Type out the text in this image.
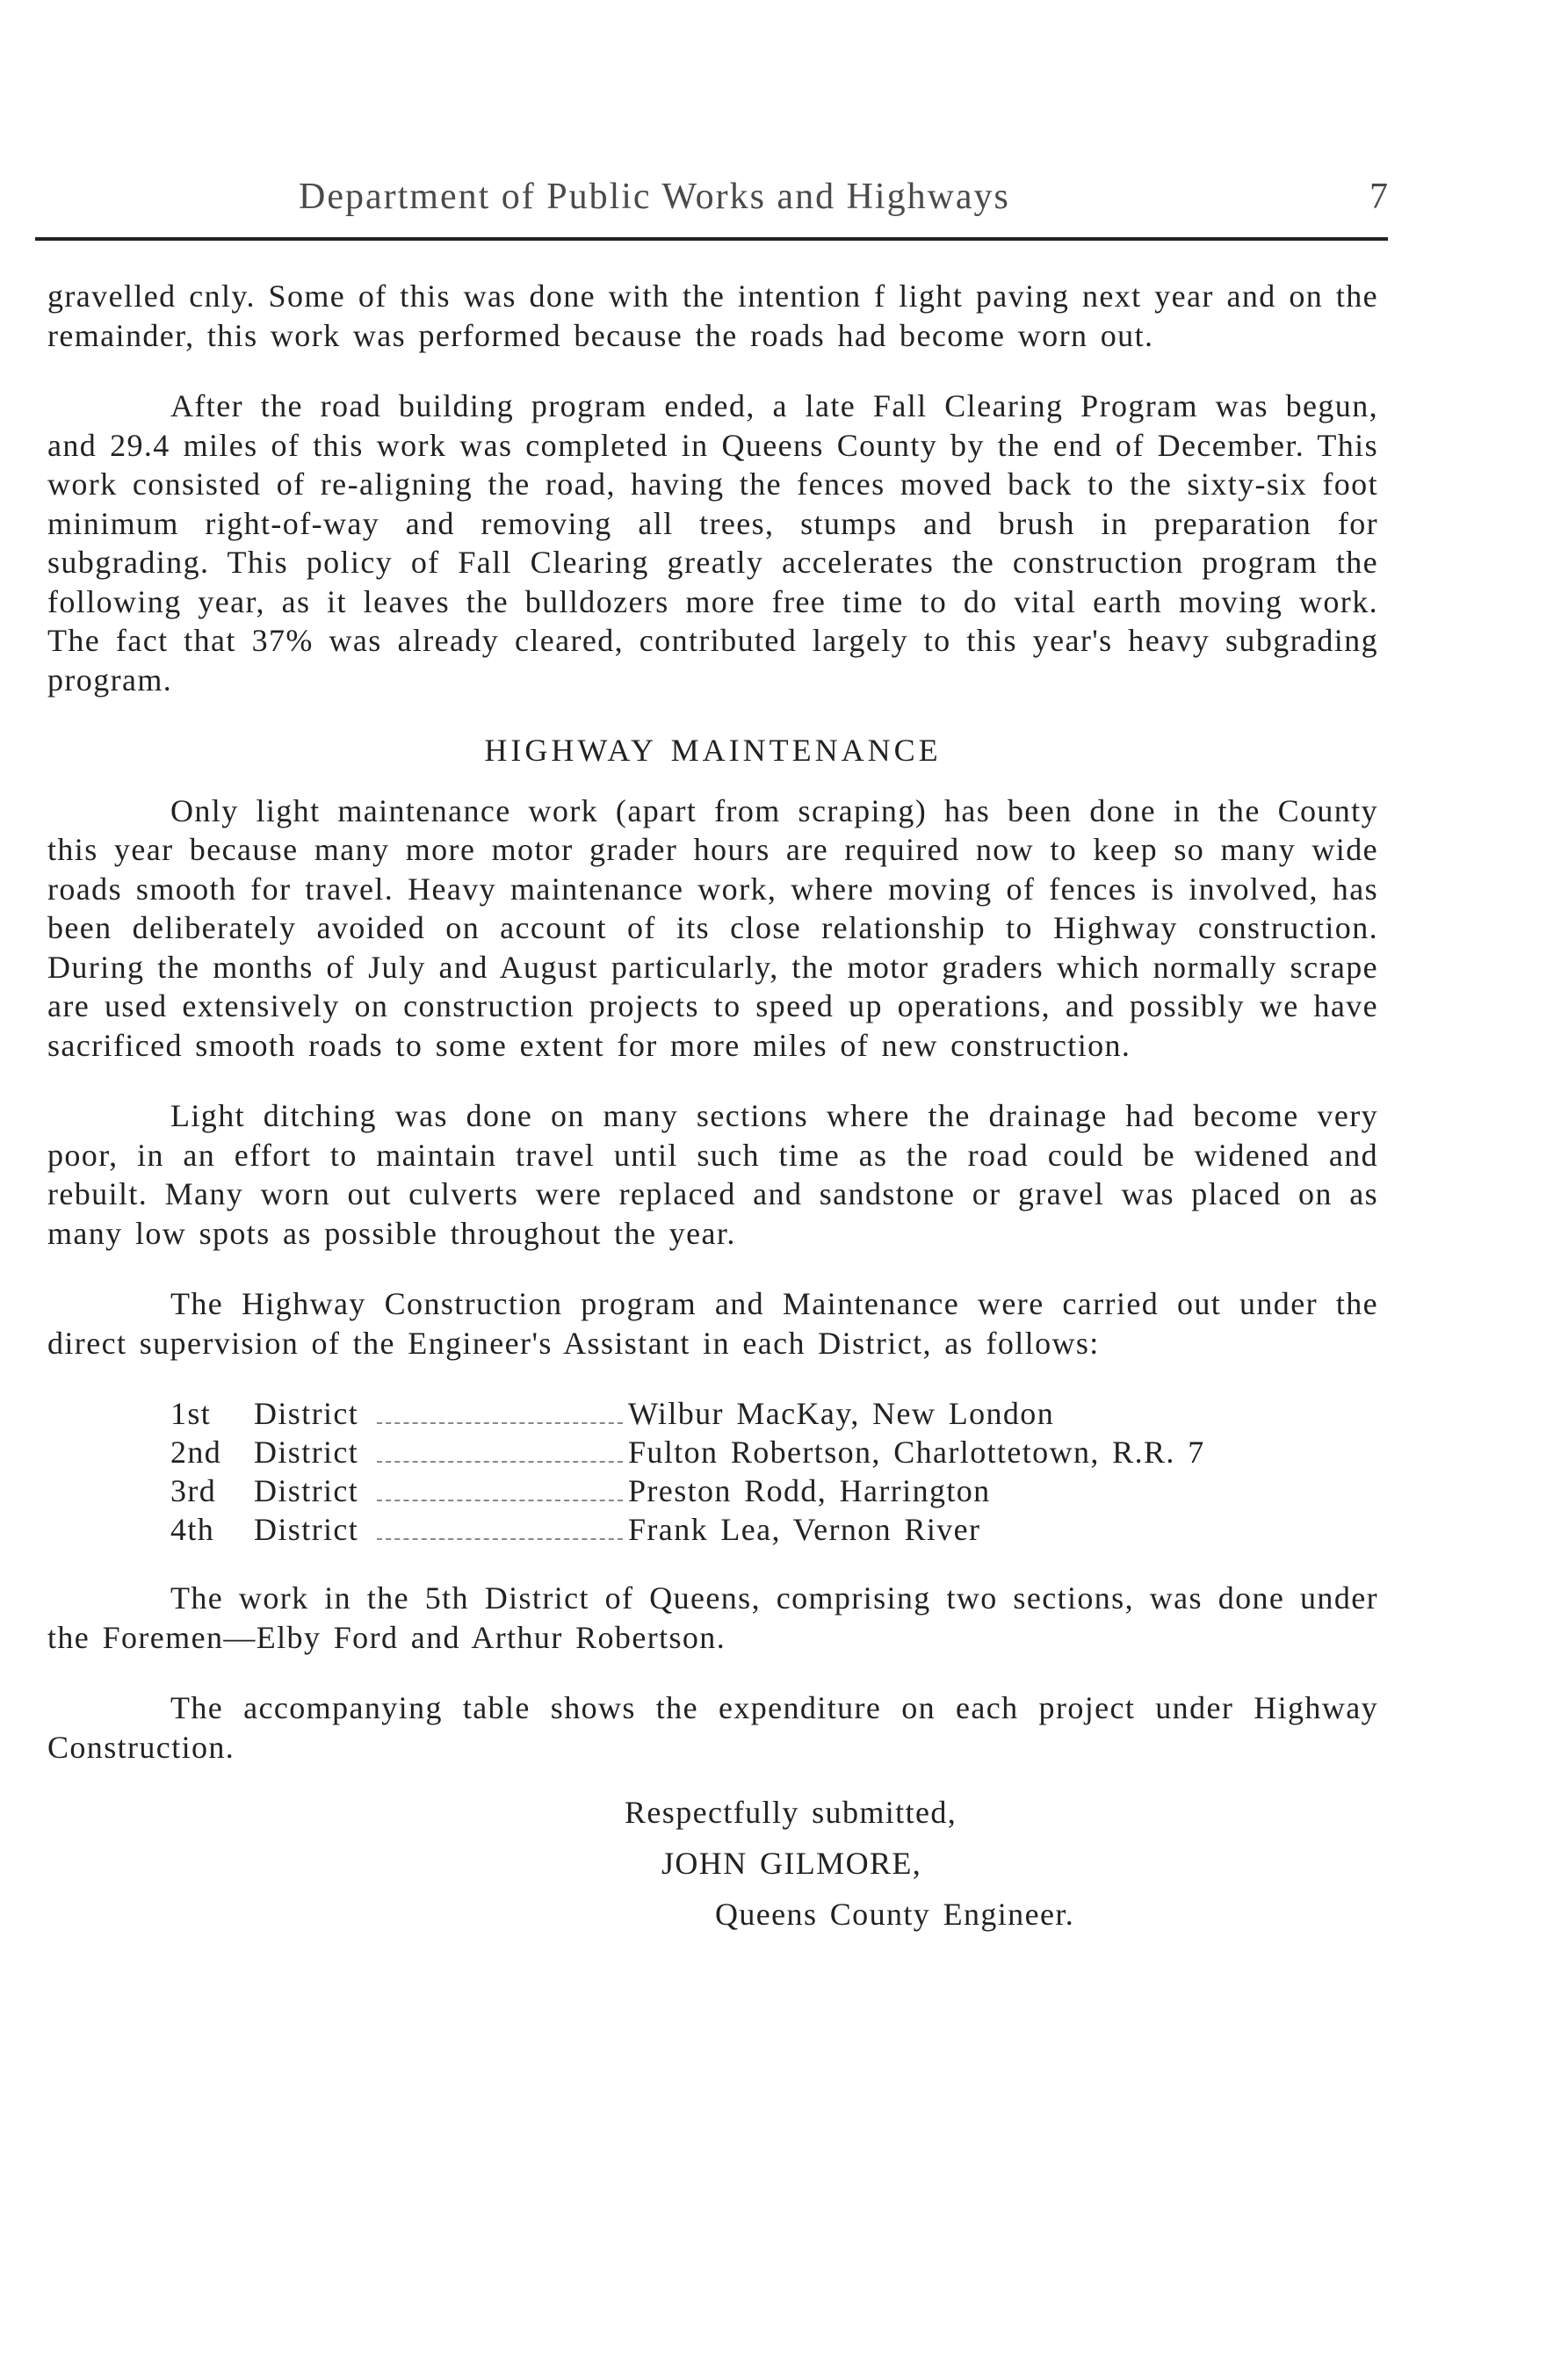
Department of Public Works and Highways	7

gravelled cnly. Some of this was done with the intention f light paving next year and on the remainder, this work was performed because the roads had become worn out.

After the road building program ended, a late Fall Clearing Program was begun, and 29.4 miles of this work was completed in Queens County by the end of December. This work consisted of re-aligning the road, having the fences moved back to the sixty-six foot minimum right-of-way and removing all trees, stumps and brush in preparation for subgrading. This policy of Fall Clearing greatly accelerates the construction program the following year, as it leaves the bulldozers more free time to do vital earth moving work. The fact that 37% was already cleared, contributed largely to this year's heavy subgrading program.

HIGHWAY MAINTENANCE

Only light maintenance work (apart from scraping) has been done in the County this year because many more motor grader hours are required now to keep so many wide roads smooth for travel. Heavy maintenance work, where moving of fences is involved, has been deliberately avoided on account of its close relationship to Highway construction. During the months of July and August particularly, the motor graders which normally scrape are used extensively on construction projects to speed up operations, and possibly we have sacrificed smooth roads to some extent for more miles of new construction.

Light ditching was done on many sections where the drainage had become very poor, in an effort to maintain travel until such time as the road could be widened and rebuilt. Many worn out culverts were replaced and sandstone or gravel was placed on as many low spots as possible throughout the year.

The Highway Construction program and Maintenance were carried out under the direct supervision of the Engineer's Assistant in each District, as follows:

1st	District	Wilbur MacKay, New London
2nd	District	Fulton Robertson, Charlottetown, R.R. 7
3rd	District	Preston Rodd, Harrington
4th	District	Frank Lea, Vernon River

The work in the 5th District of Queens, comprising two sections, was done under the Foremen—Elby Ford and Arthur Robertson.

The accompanying table shows the expenditure on each project under Highway Construction.

Respectfully submitted,
JOHN GILMORE,
Queens County Engineer.
